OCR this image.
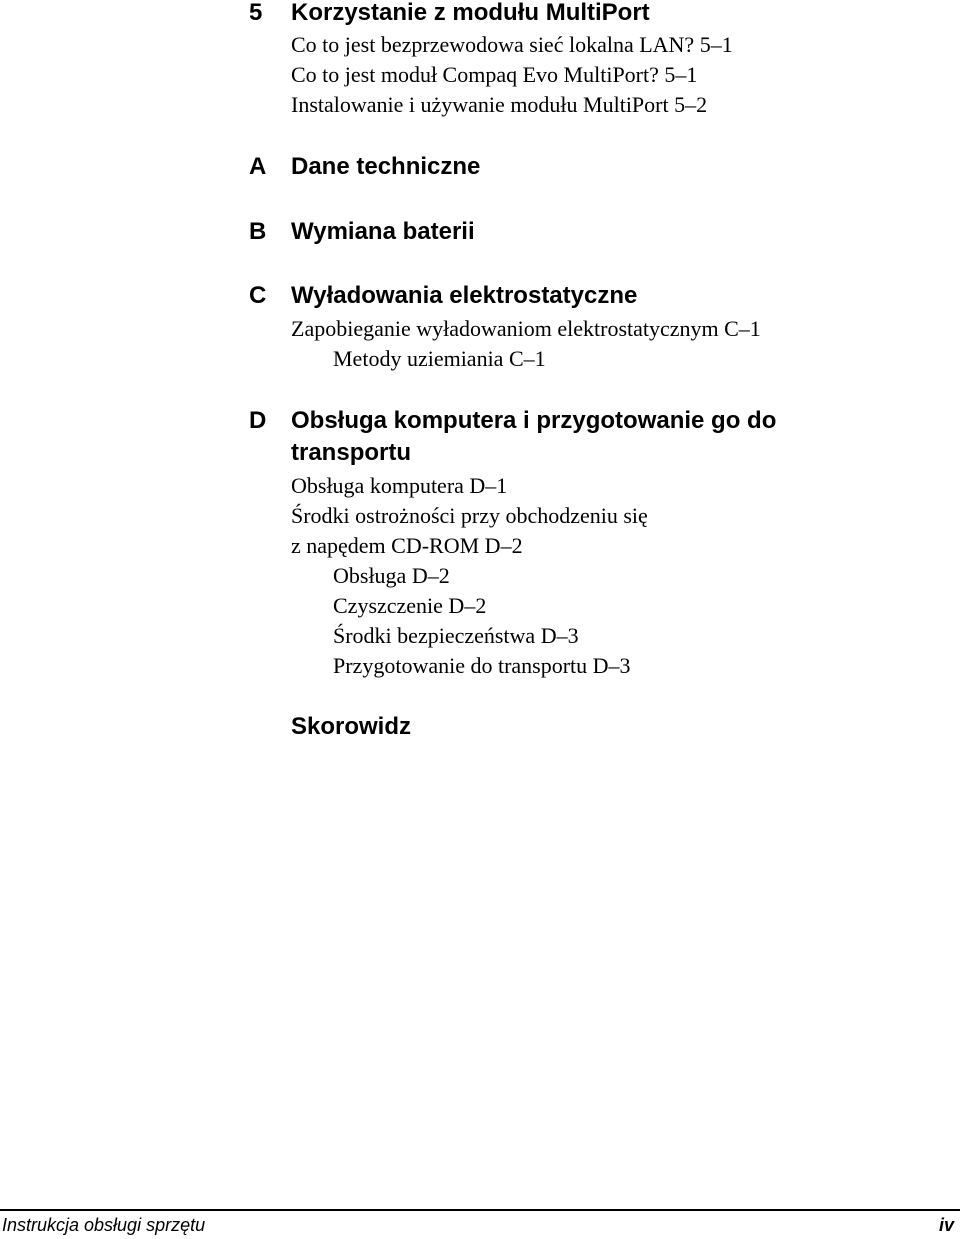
5 Korzystanie z modułu MultiPort
Co to jest bezprzewodowa sieć lokalna LAN? 5–1
Co to jest moduł Compaq Evo MultiPort? 5–1
Instalowanie i używanie modułu MultiPort 5–2
A Dane techniczne
B Wymiana baterii
C Wyładowania elektrostatyczne
Zapobieganie wyładowaniom elektrostatycznym C–1
Metody uziemiania C–1
D Obsługa komputera i przygotowanie go do
transportu
Obsługa komputera D–1
Środki ostrożności przy obchodzeniu się
z napędem CD-ROM D–2
Obsługa D–2
Czyszczenie D–2
Środki bezpieczeństwa D–3
Przygotowanie do transportu D–3
Skorowidz
Instrukcja obsługi sprzętu	iv
